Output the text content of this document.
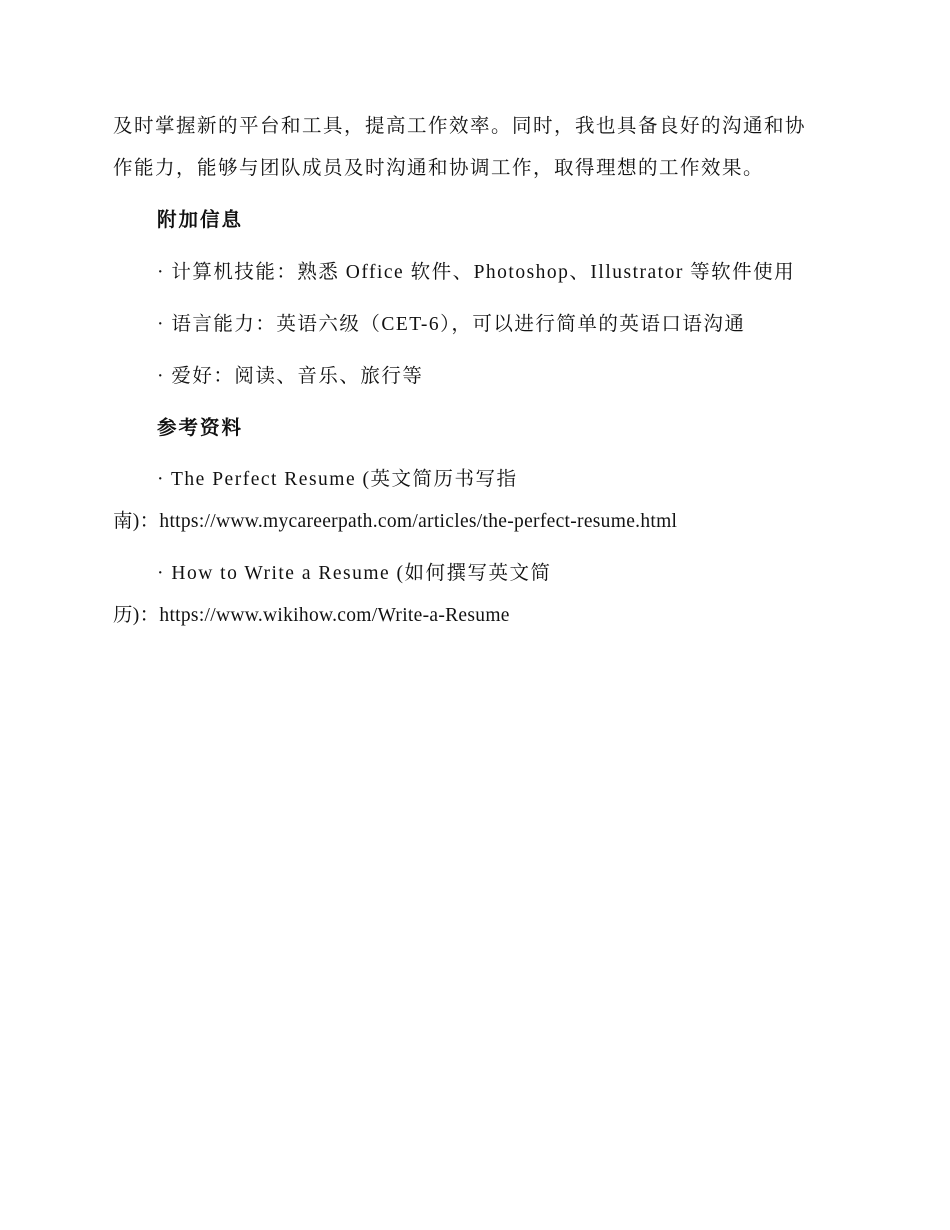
及时掌握新的平台和工具，提高工作效率。同时，我也具备良好的沟通和协
作能力，能够与团队成员及时沟通和协调工作，取得理想的工作效果。
附加信息
· 计算机技能：熟悉 Office 软件、Photoshop、Illustrator 等软件使用
· 语言能力：英语六级（CET-6），可以进行简单的英语口语沟通
· 爱好：阅读、音乐、旅行等
参考资料
· The Perfect Resume (英文简历书写指
南)：https://www.mycareerpath.com/articles/the-perfect-resume.html
· How to Write a Resume (如何撰写英文简
历)：https://www.wikihow.com/Write-a-Resume
